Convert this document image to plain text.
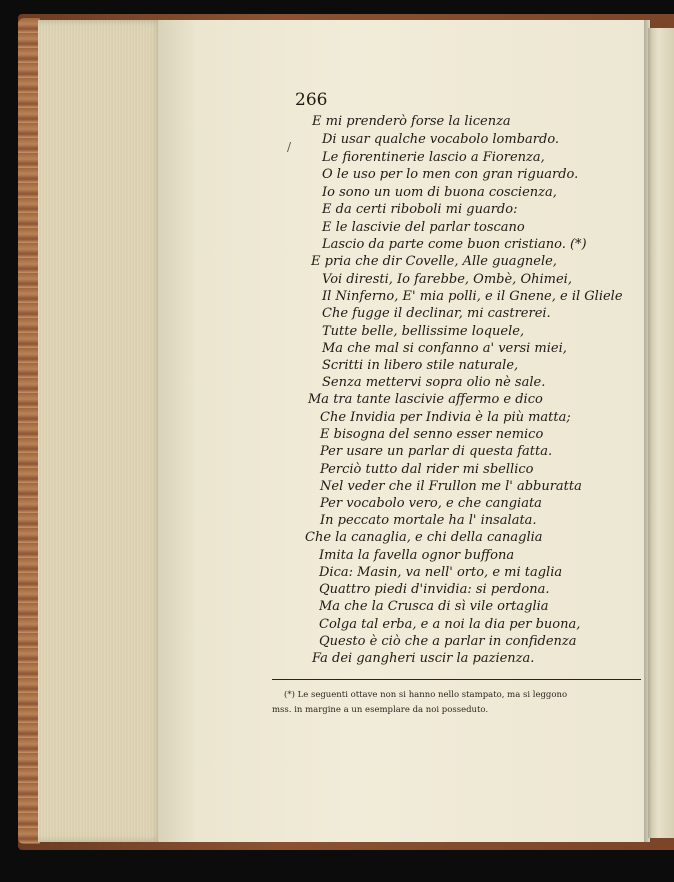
266
/
E mi prenderò forse la licenza
Di usar qualche vocabolo lombardo.
Le fiorentinerie lascio a Fiorenza,
O le uso per lo men con gran riguardo.
Io sono un uom di buona coscienza,
E da certi riboboli mi guardo:
E le lascivie del parlar toscano
Lascio da parte come buon cristiano. (*)
E pria che dir Covelle, Alle guagnele,
Voi diresti, Io farebbe, Ombè, Ohimei,
Il Ninferno, E' mia polli, e il Gnene, e il Gliele
Che fugge il declinar, mi castrerei.
Tutte belle, bellissime loquele,
Ma che mal si confanno a' versi miei,
Scritti in libero stile naturale,
Senza mettervi sopra olio nè sale.
Ma tra tante lascivie affermo e dico
Che Invidia per Indivia è la più matta;
E bisogna del senno esser nemico
Per usare un parlar di questa fatta.
Perciò tutto dal rider mi sbellico
Nel veder che il Frullon me l' abburatta
Per vocabolo vero, e che cangiata
In peccato mortale ha l' insalata.
Che la canaglia, e chi della canaglia
Imita la favella ognor buffona
Dica: Masin, va nell' orto, e mi taglia
Quattro piedi d'invidia: si perdona.
Ma che la Crusca di sì vile ortaglia
Colga tal erba, e a noi la dia per buona,
Questo è ciò che a parlar in confidenza
Fa dei gangheri uscir la pazienza.
(*) Le seguenti ottave non si hanno nello stampato, ma si leggono
mss. in margine a un esemplare da noi posseduto.
